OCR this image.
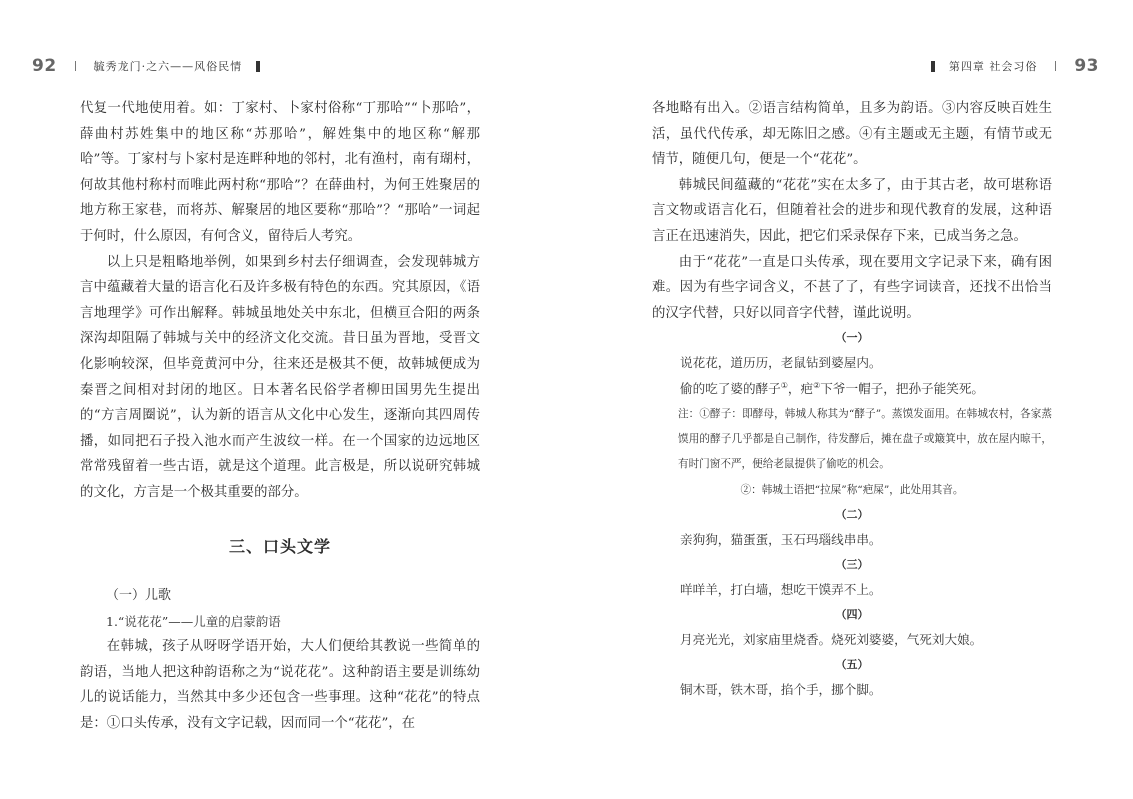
92	毓秀龙门·之六——风俗民情	第四章 社会习俗 93

代复一代地使用着。如：丁家村、卜家村俗称“丁那哈”“卜那哈”，薛曲村苏姓集中的地区称“苏那哈”，解姓集中的地区称“解那哈”等。丁家村与卜家村是连畔种地的邻村，北有渔村，南有瑚村，何故其他村称村而唯此两村称“那哈”？在薛曲村，为何王姓聚居的地方称王家巷，而将苏、解聚居的地区要称“那哈”？“那哈”一词起于何时，什么原因，有何含义，留待后人考究。

以上只是粗略地举例，如果到乡村去仔细调查，会发现韩城方言中蕴藏着大量的语言化石及许多极有特色的东西。究其原因，《语言地理学》可作出解释。韩城虽地处关中东北，但横亘合阳的两条深沟却阻隔了韩城与关中的经济文化交流。昔日虽为晋地，受晋文化影响较深，但毕竟黄河中分，往来还是极其不便，故韩城便成为秦晋之间相对封闭的地区。日本著名民俗学者柳田国男先生提出的“方言周圈说”，认为新的语言从文化中心发生，逐渐向其四周传播，如同把石子投入池水而产生波纹一样。在一个国家的边远地区常常残留着一些古语，就是这个道理。此言极是，所以说研究韩城的文化，方言是一个极其重要的部分。

三、口头文学

（一）儿歌

1.“说花花”——儿童的启蒙韵语

在韩城，孩子从呀呀学语开始，大人们便给其教说一些简单的韵语，当地人把这种韵语称之为“说花花”。这种韵语主要是训练幼儿的说话能力，当然其中多少还包含一些事理。这种“花花”的特点是：①口头传承，没有文字记载，因而同一个“花花”，在

各地略有出入。②语言结构简单，且多为韵语。③内容反映百姓生活，虽代代传承，却无陈旧之感。④有主题或无主题，有情节或无情节，随便几句，便是一个“花花”。

韩城民间蕴藏的“花花”实在太多了，由于其古老，故可堪称语言文物或语言化石，但随着社会的进步和现代教育的发展，这种语言正在迅速消失，因此，把它们采录保存下来，已成当务之急。

由于“花花”一直是口头传承，现在要用文字记录下来，确有困难。因为有些字词含义，不甚了了，有些字词读音，还找不出恰当的汉字代替，只好以同音字代替，谨此说明。

（一）

说花花，道历历，老鼠钻到婆屋内。

偷的吃了婆的酵子①，疤②下爷一帽子，把孙子能笑死。

注：①酵子：即酵母，韩城人称其为“酵子”。蒸馍发面用。在韩城农村，各家蒸馍用的酵子几乎都是自己制作，待发酵后，摊在盘子或簸箕中，放在屋内晾干，有时门窗不严，便给老鼠提供了偷吃的机会。

②：韩城土语把“拉屎”称“疤屎”，此处用其音。

（二）

亲狗狗，猫蛋蛋，玉石玛瑙线串串。

（三）

咩咩羊，打白墙，想吃干馍弄不上。

（四）

月亮光光，刘家庙里烧香。烧死刘婆婆，气死刘大娘。

（五）

铜木哥，铁木哥，掐个手，挪个脚。
